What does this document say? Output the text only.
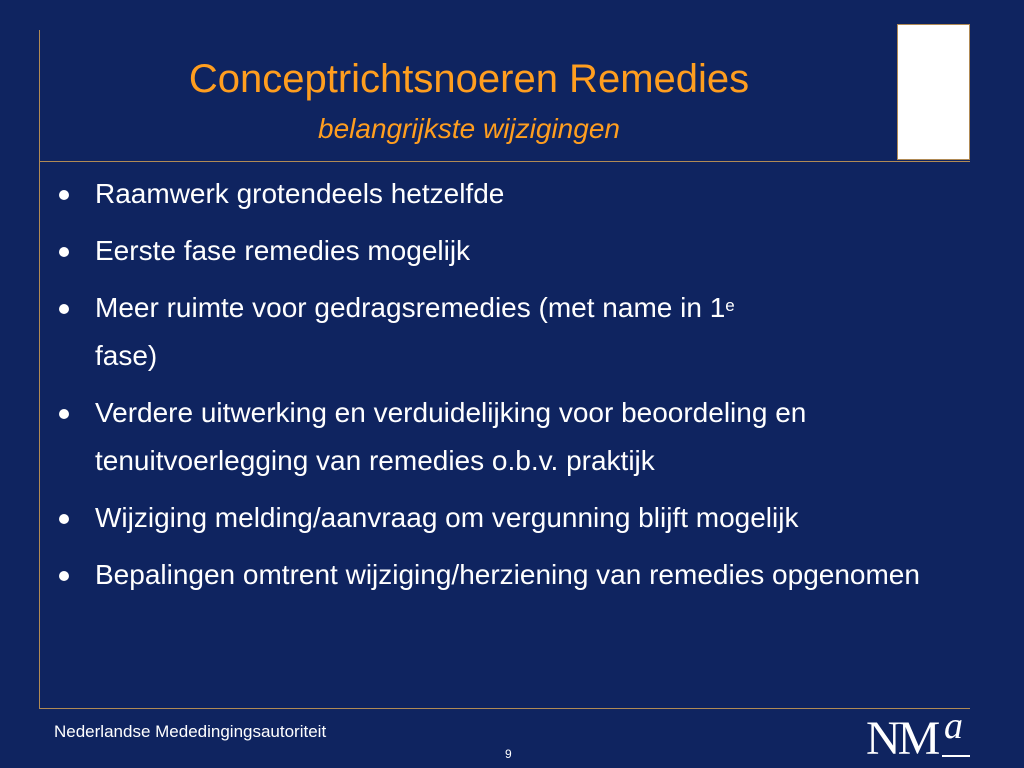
Conceptrichtsnoeren Remedies
belangrijkste wijzigingen
Raamwerk grotendeels hetzelfde
Eerste fase remedies mogelijk
Meer ruimte voor gedragsremedies (met name in 1e
fase)
Verdere uitwerking en verduidelijking voor beoordeling en tenuitvoerlegging van remedies o.b.v. praktijk
Wijziging melding/aanvraag om vergunning blijft mogelijk
Bepalingen omtrent wijziging/herziening van remedies opgenomen
Nederlandse Mededingingsautoriteit
9	NM a
